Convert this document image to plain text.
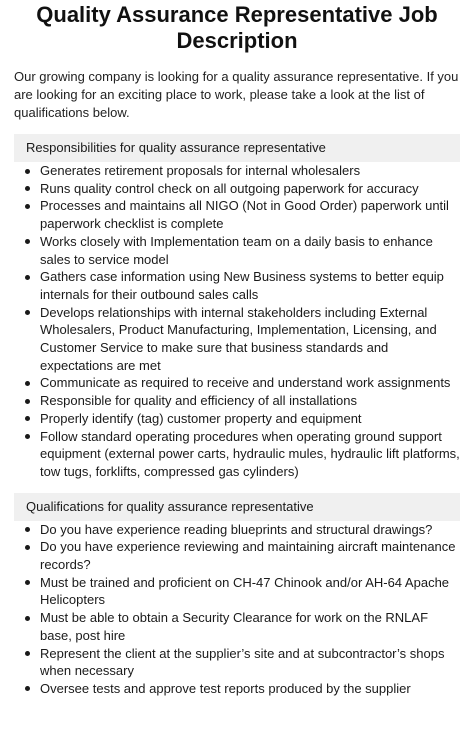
Quality Assurance Representative Job Description

Our growing company is looking for a quality assurance representative. If you are looking for an exciting place to work, please take a look at the list of qualifications below.

Responsibilities for quality assurance representative
Generates retirement proposals for internal wholesalers
Runs quality control check on all outgoing paperwork for accuracy
Processes and maintains all NIGO (Not in Good Order) paperwork until paperwork checklist is complete
Works closely with Implementation team on a daily basis to enhance sales to service model
Gathers case information using New Business systems to better equip internals for their outbound sales calls
Develops relationships with internal stakeholders including External Wholesalers, Product Manufacturing, Implementation, Licensing, and Customer Service to make sure that business standards and expectations are met
Communicate as required to receive and understand work assignments
Responsible for quality and efficiency of all installations
Properly identify (tag) customer property and equipment
Follow standard operating procedures when operating ground support equipment (external power carts, hydraulic mules, hydraulic lift platforms, tow tugs, forklifts, compressed gas cylinders)
Qualifications for quality assurance representative
Do you have experience reading blueprints and structural drawings?
Do you have experience reviewing and maintaining aircraft maintenance records?
Must be trained and proficient on CH-47 Chinook and/or AH-64 Apache Helicopters
Must be able to obtain a Security Clearance for work on the RNLAF base, post hire
Represent the client at the supplier’s site and at subcontractor’s shops when necessary
Oversee tests and approve test reports produced by the supplier
